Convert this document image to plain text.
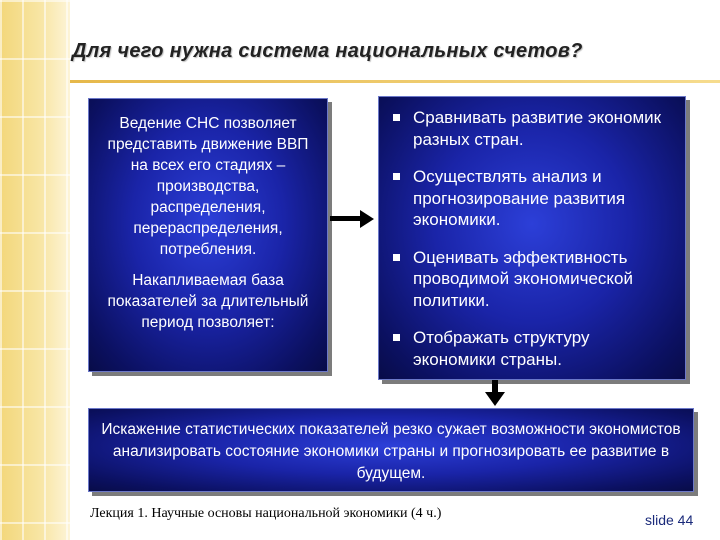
Для чего нужна система национальных счетов?

Ведение СНС позволяет представить движение ВВП на всех его стадиях – производства, распределения, перераспределения, потребления.

Накапливаемая база показателей за длительный период позволяет:

Сравнивать развитие экономик разных стран.
Осуществлять анализ и прогнозирование развития экономики.
Оценивать эффективность проводимой экономической политики.
Отображать структуру экономики страны.
Искажение статистических показателей резко сужает возможности экономистов анализировать состояние экономики страны и прогнозировать ее развитие в будущем.
Лекция 1. Научные основы национальной экономики (4 ч.)	slide 44
